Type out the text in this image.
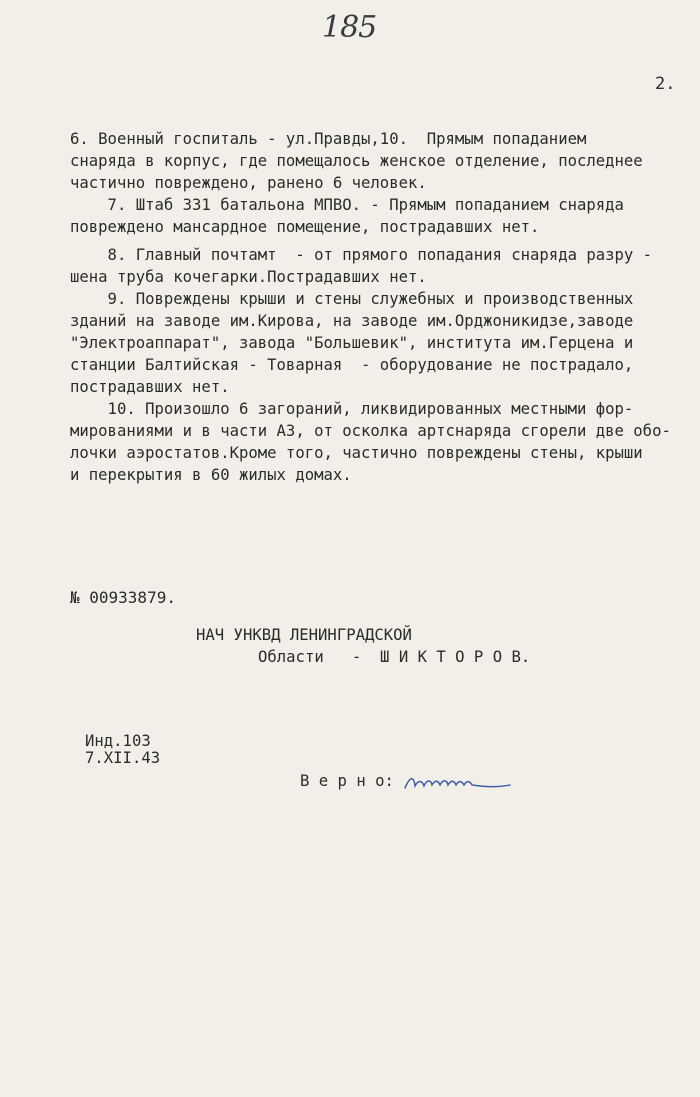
185
2.
6. Военный госпиталь - ул.Правды,10.  Прямым попаданием
снаряда в корпус, где помещалось женское отделение, последнее
частично повреждено, ранено 6 человек.
7. Штаб 331 батальона МПВО. - Прямым попаданием снаряда
повреждено мансардное помещение, пострадавших нет.
8. Главный почтамт  - от прямого попадания снаряда разру -
шена труба кочегарки.Пострадавших нет.
9. Повреждены крыши и стены служебных и производственных
зданий на заводе им.Кирова, на заводе им.Орджоникидзе,заводе
"Электроаппарат", завода "Большевик", института им.Герцена и
станции Балтийская - Товарная  - оборудование не пострадало,
пострадавших нет.
10. Произошло 6 загораний, ликвидированных местными фор-
мированиями и в части АЗ, от осколка артснаряда сгорели две обо-
лочки аэростатов.Кроме того, частично повреждены стены, крыши
и перекрытия в 60 жилых домах.
№ 00933879.
НАЧ УНКВД ЛЕНИНГРАДСКОЙ
Области   -  Ш И К Т О Р О В.
Инд.103
7.XII.43
В е р н о:
